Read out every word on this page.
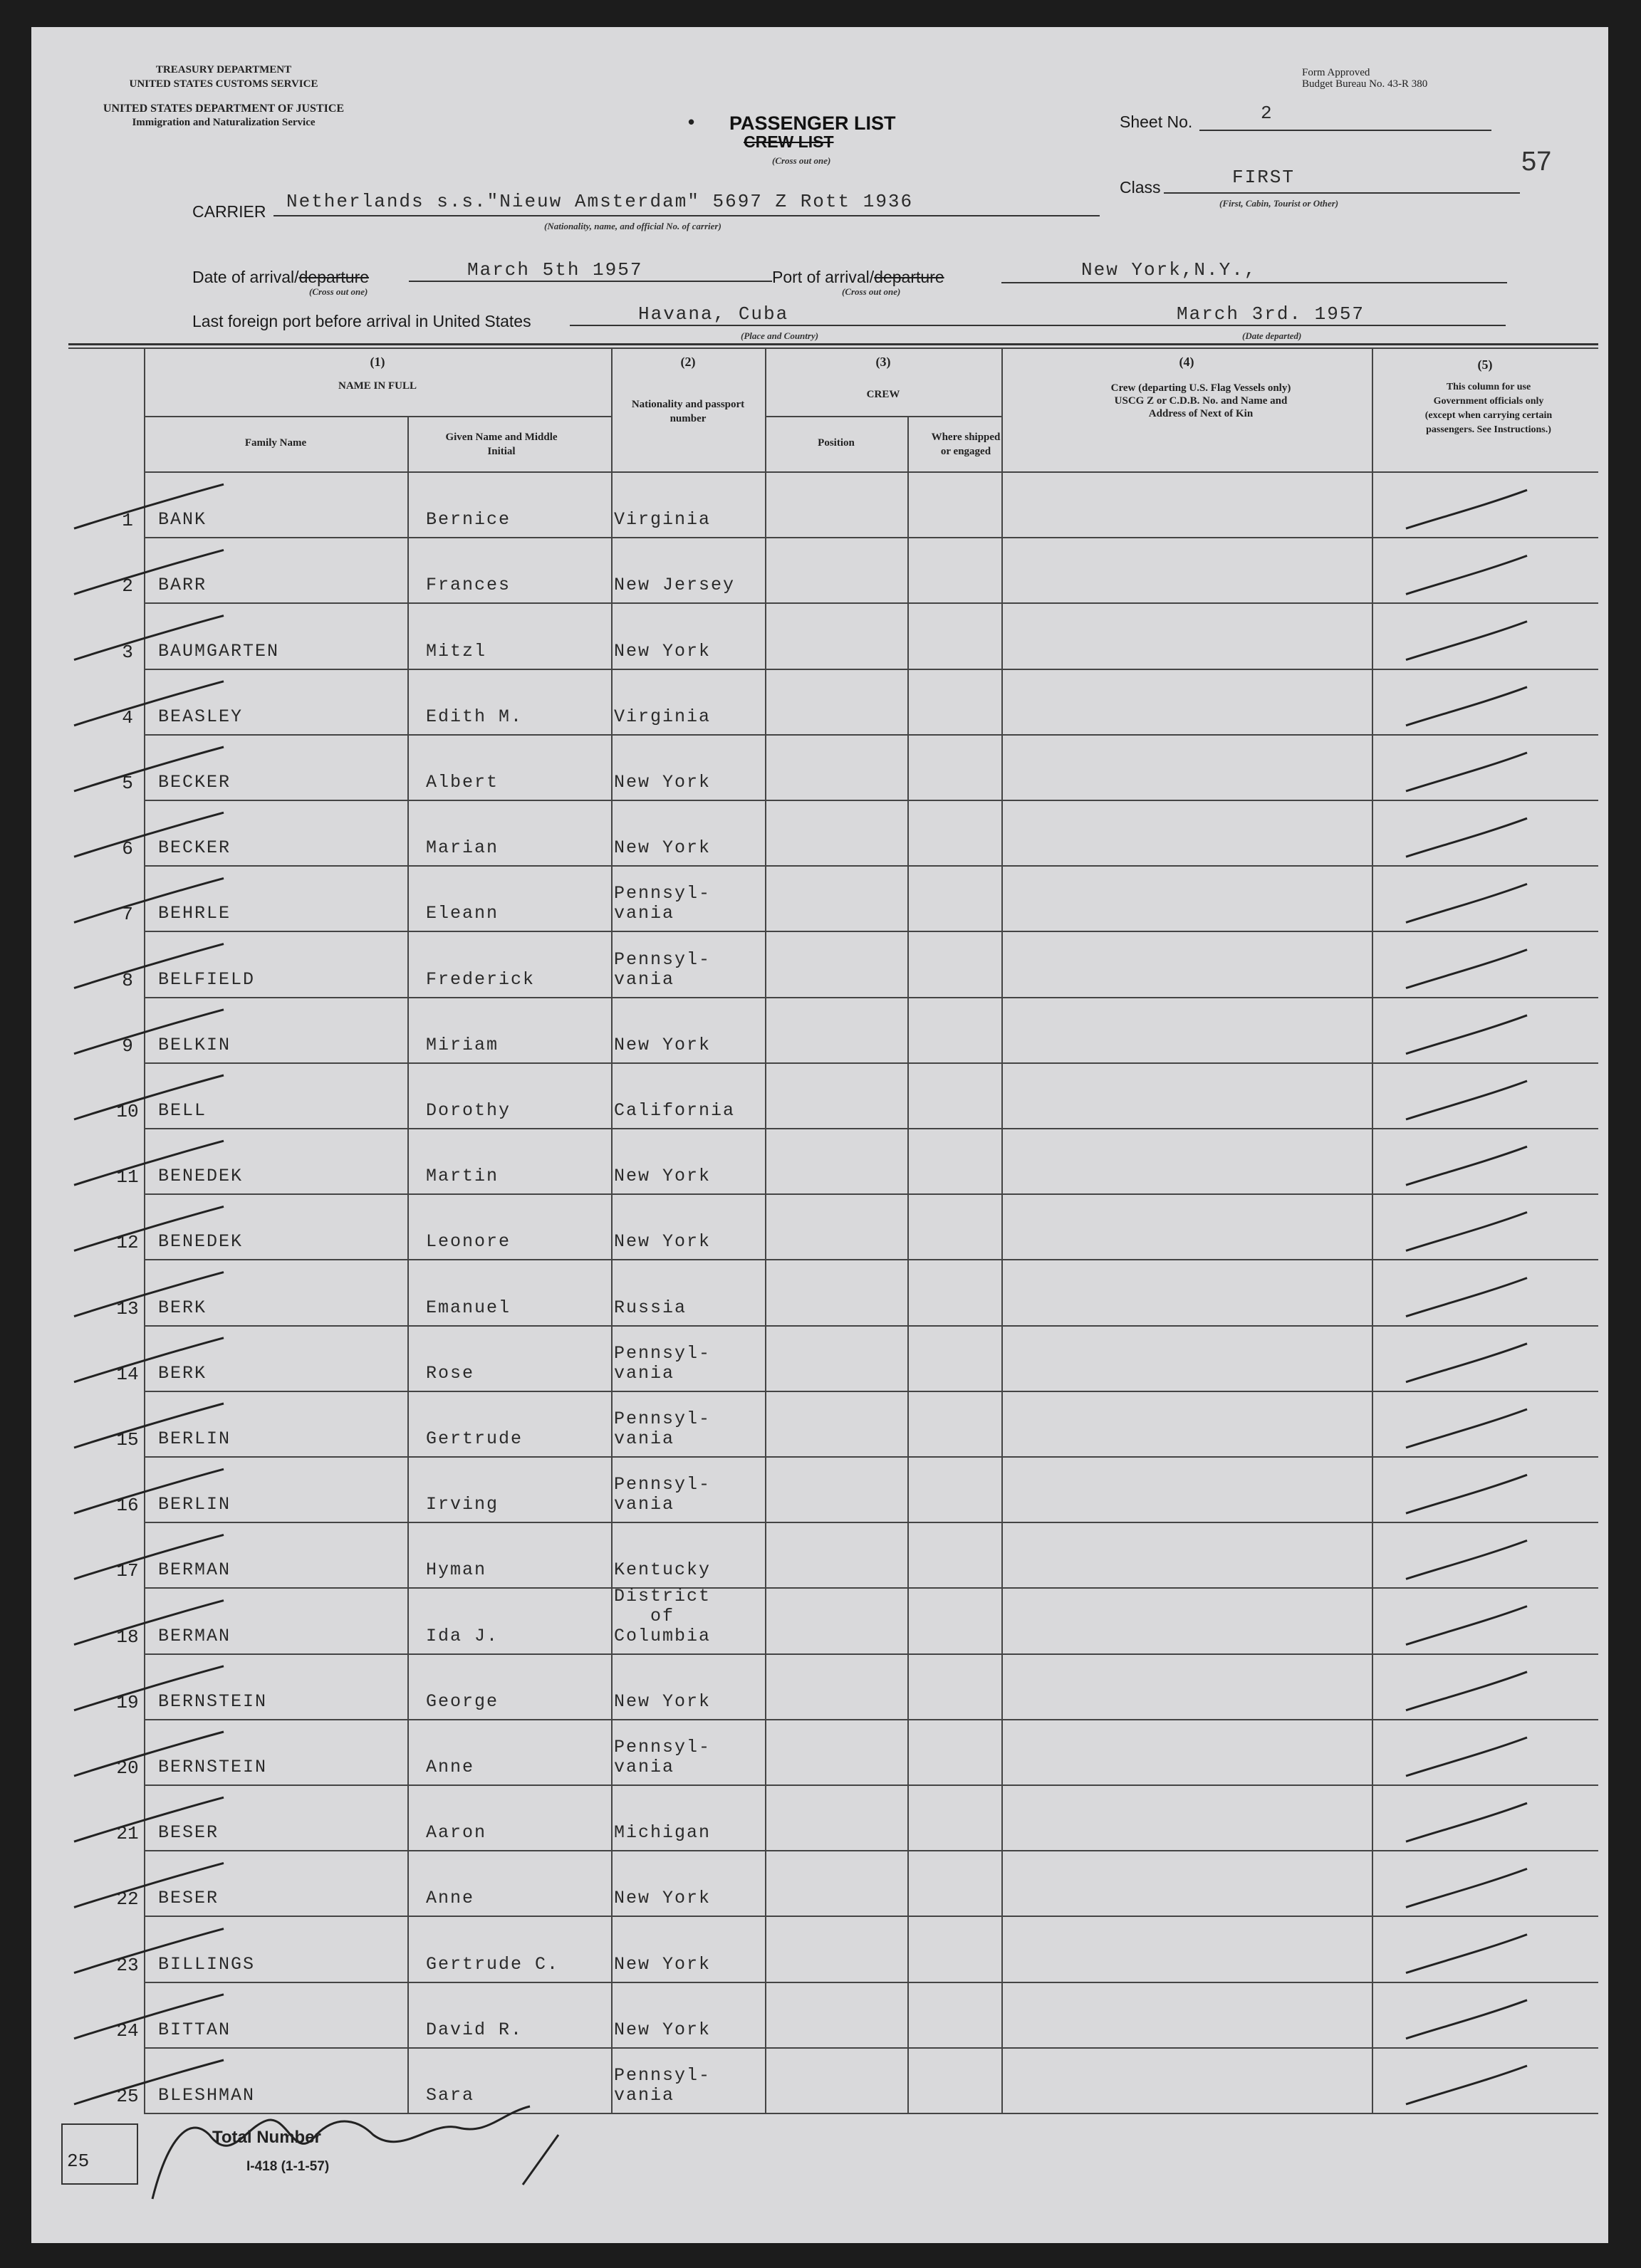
TREASURY DEPARTMENT
UNITED STATES CUSTOMS SERVICE
UNITED STATES DEPARTMENT OF JUSTICE
Immigration and Naturalization Service	• PASSENGER LIST
CREW LIST
(Cross out one)
Form Approved
Budget Bureau No. 43-R 380
Sheet No.	2
57
CARRIER Netherlands s.s."Nieuw Amsterdam" 5697 Z Rott 1936
(Nationality, name, and official No. of carrier)
Class	FIRST
(First, Cabin, Tourist or Other)
Date of arrival/departure
(Cross out one)
March 5th 1957	Port of arrival/departure
(Cross out one)
New York,N.Y.,
Last foreign port before arrival in United States	Havana, Cuba
(Place and Country)
March 3rd. 1957
(Date departed)
(1)
NAME IN FULL
Family Name	Given Name and Middle Initial
(2)
Nationality and passport number
(3)
CREW
Position	Where shipped or engaged
(4)
Crew (departing U.S. Flag Vessels only) USCG Z or C.D.B. No. and Name and Address of Next of Kin
(5)
This column for use Government officials only (except when carrying certain passengers. See Instructions.)
1	BANK	Bernice	Virginia
2	BARR	Frances	New Jersey
3	BAUMGARTEN	Mitzl	New York
4	BEASLEY	Edith M.	Virginia
5	BECKER	Albert	New York
6	BECKER	Marian	New York
7	BEHRLE	Eleann
Pennsyl-
vania
8	BELFIELD	Frederick
Pennsyl-
vania
9	BELKIN	Miriam	New York
10	BELL	Dorothy	California
11	BENEDEK	Martin	New York
12	BENEDEK	Leonore	New York
13	BERK	Emanuel	Russia
14	BERK	Rose
Pennsyl-
vania
15	BERLIN	Gertrude
Pennsyl-
vania
16	BERLIN	Irving
Pennsyl-
vania
17	BERMAN	Hyman	Kentucky
18	BERMAN	Ida J.
District
of
Columbia
19	BERNSTEIN	George	New York
20	BERNSTEIN	Anne
Pennsyl-
vania
21	BESER	Aaron	Michigan
22	BESER	Anne	New York
23	BILLINGS	Gertrude C.	New York
24	BITTAN	David R.	New York
25	BLESHMAN	Sara
Pennsyl-
vania
25
Total Number
I-418 (1-1-57)
